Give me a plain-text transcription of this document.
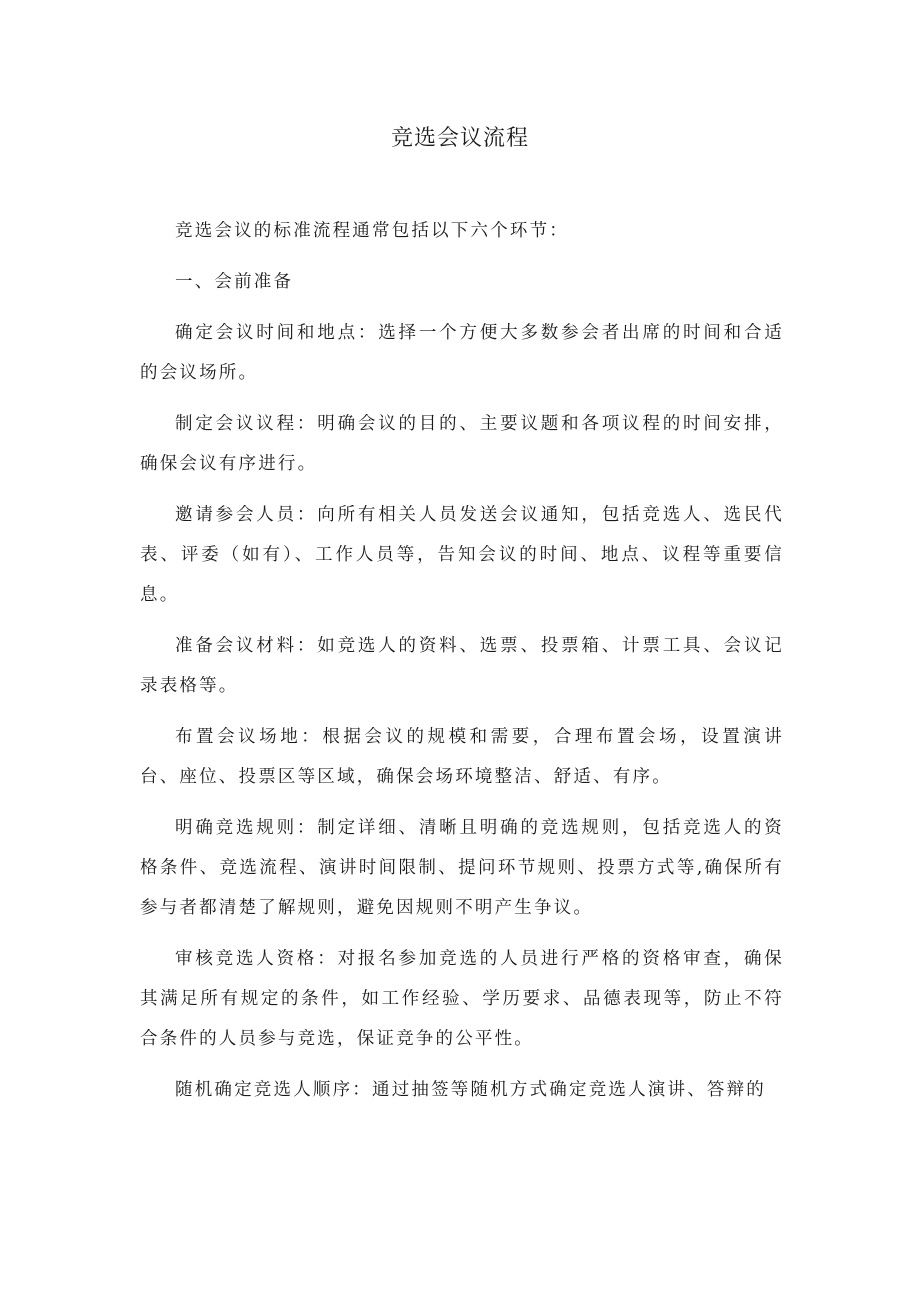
竞选会议流程

竞选会议的标准流程通常包括以下六个环节：

一、会前准备

确定会议时间和地点：选择一个方便大多数参会者出席的时间和合适的会议场所。

制定会议议程：明确会议的目的、主要议题和各项议程的时间安排，确保会议有序进行。

邀请参会人员：向所有相关人员发送会议通知，包括竞选人、选民代表、评委（如有）、工作人员等，告知会议的时间、地点、议程等重要信息。

准备会议材料：如竞选人的资料、选票、投票箱、计票工具、会议记录表格等。

布置会议场地：根据会议的规模和需要，合理布置会场，设置演讲台、座位、投票区等区域，确保会场环境整洁、舒适、有序。

明确竞选规则：制定详细、清晰且明确的竞选规则，包括竞选人的资格条件、竞选流程、演讲时间限制、提问环节规则、投票方式等,确保所有参与者都清楚了解规则，避免因规则不明产生争议。

审核竞选人资格：对报名参加竞选的人员进行严格的资格审查，确保其满足所有规定的条件，如工作经验、学历要求、品德表现等，防止不符合条件的人员参与竞选，保证竞争的公平性。

随机确定竞选人顺序：通过抽签等随机方式确定竞选人演讲、答辩的
